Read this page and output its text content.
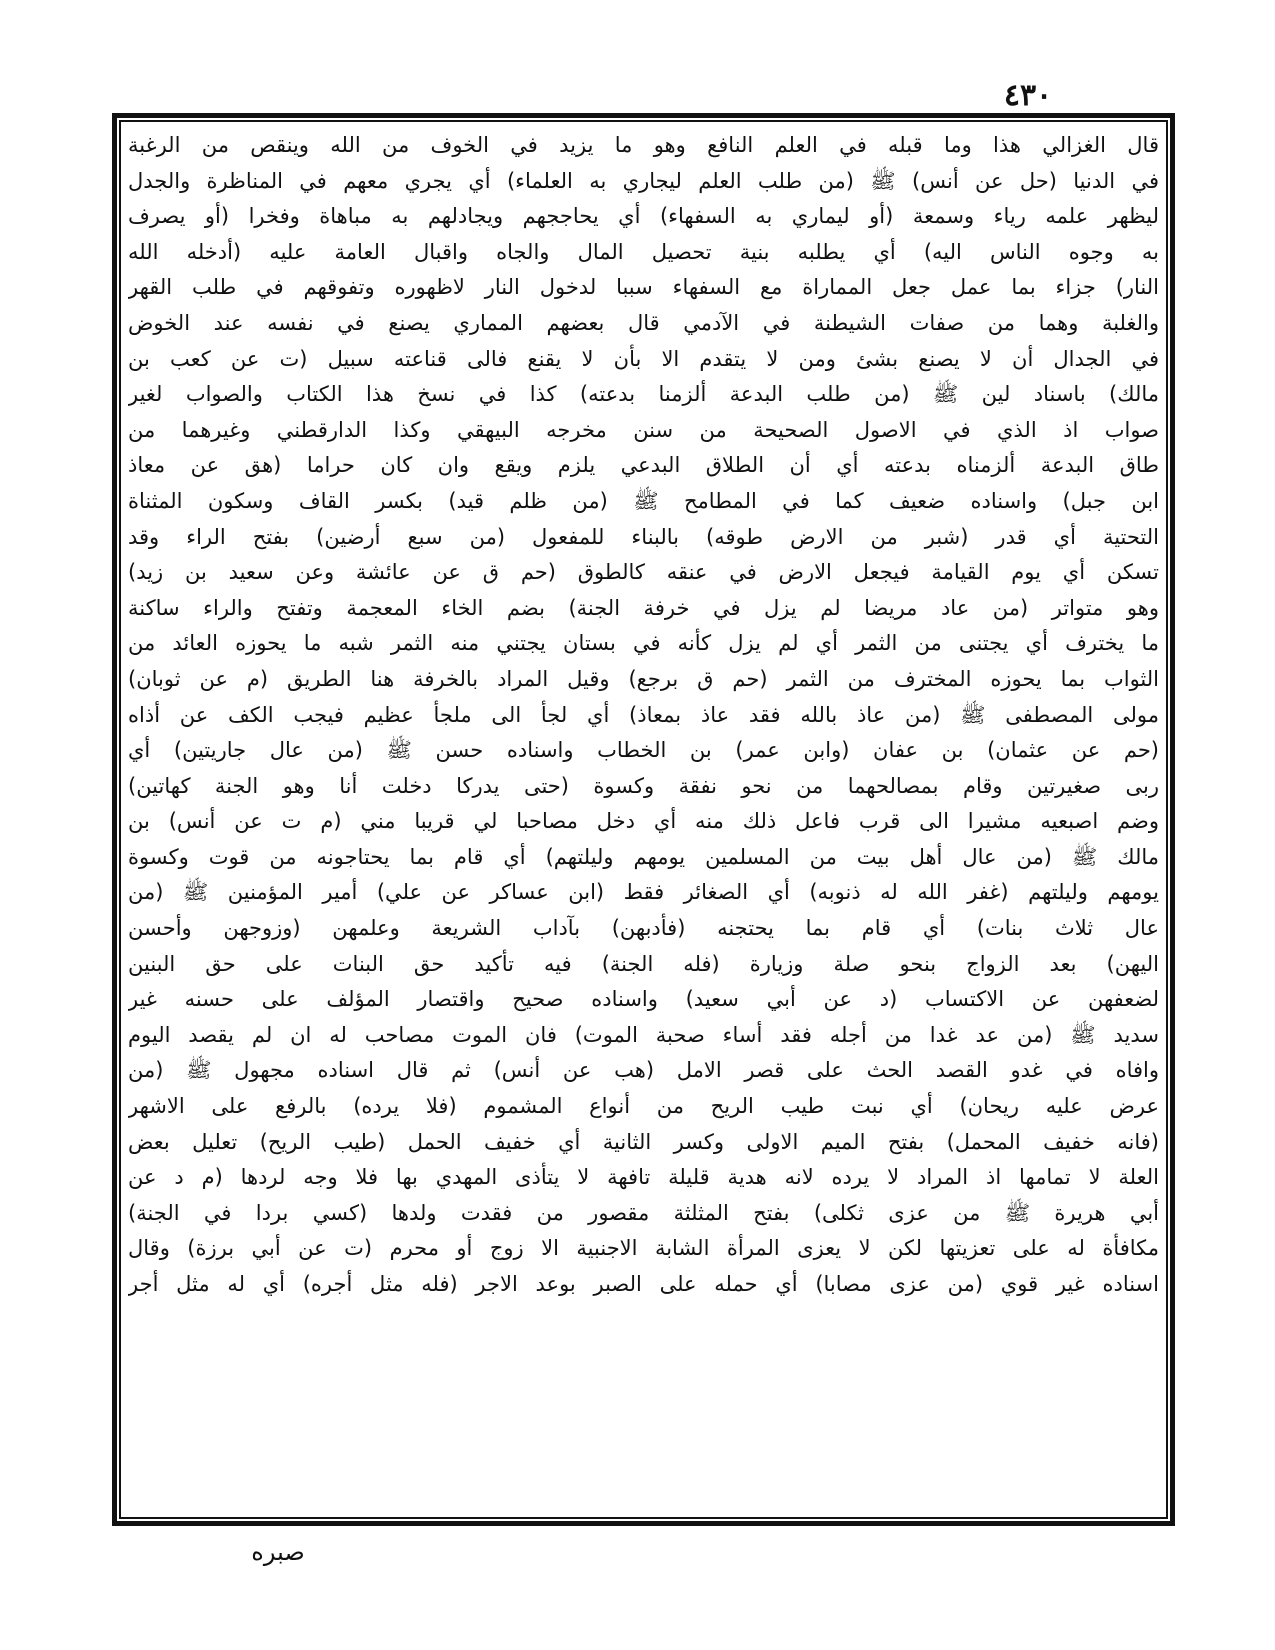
٤٣٠
قال الغزالي هذا وما قبله في العلم النافع وهو ما يزيد في الخوف من الله وينقص من الرغبة
في الدنيا (حل عن أنس) ﷺ (من طلب العلم ليجاري به العلماء) أي يجري معهم في المناظرة والجدل
ليظهر علمه رياء وسمعة (أو ليماري به السفهاء) أي يحاججهم ويجادلهم به مباهاة وفخرا (أو يصرف
به وجوه الناس اليه) أي يطلبه بنية تحصيل المال والجاه واقبال العامة عليه (أدخله الله
النار) جزاء بما عمل جعل المماراة مع السفهاء سببا لدخول النار لاظهوره وتفوقهم في طلب القهر
والغلبة وهما من صفات الشيطنة في الآدمي قال بعضهم المماري يصنع في نفسه عند الخوض
في الجدال أن لا يصنع بشئ ومن لا يتقدم الا بأن لا يقنع فالى قناعته سبيل (ت عن كعب بن
مالك) باسناد لين ﷺ (من طلب البدعة ألزمنا بدعته) كذا في نسخ هذا الكتاب والصواب لغير
صواب اذ الذي في الاصول الصحيحة من سنن مخرجه البيهقي وكذا الدارقطني وغيرهما من
طاق البدعة ألزمناه بدعته أي أن الطلاق البدعي يلزم ويقع وان كان حراما (هق عن معاذ
ابن جبل) واسناده ضعيف كما في المطامح ﷺ (من ظلم قيد) بكسر القاف وسكون المثناة
التحتية أي قدر (شبر من الارض طوقه) بالبناء للمفعول (من سبع أرضين) بفتح الراء وقد
تسكن أي يوم القيامة فيجعل الارض في عنقه كالطوق (حم ق عن عائشة وعن سعيد بن زيد)
وهو متواتر (من عاد مريضا لم يزل في خرفة الجنة) بضم الخاء المعجمة وتفتح والراء ساكنة
ما يخترف أي يجتنى من الثمر أي لم يزل كأنه في بستان يجتني منه الثمر شبه ما يحوزه العائد من
الثواب بما يحوزه المخترف من الثمر (حم ق برجع) وقيل المراد بالخرفة هنا الطريق (م عن ثوبان)
مولى المصطفى ﷺ (من عاذ بالله فقد عاذ بمعاذ) أي لجأ الى ملجأ عظيم فيجب الكف عن أذاه
(حم عن عثمان) بن عفان (وابن عمر) بن الخطاب واسناده حسن ﷺ (من عال جاريتين) أي
ربى صغيرتين وقام بمصالحهما من نحو نفقة وكسوة (حتى يدركا دخلت أنا وهو الجنة كهاتين)
وضم اصبعيه مشيرا الى قرب فاعل ذلك منه أي دخل مصاحبا لي قريبا مني (م ت عن أنس) بن
مالك ﷺ (من عال أهل بيت من المسلمين يومهم وليلتهم) أي قام بما يحتاجونه من قوت وكسوة
يومهم وليلتهم (غفر الله له ذنوبه) أي الصغائر فقط (ابن عساكر عن علي) أمير المؤمنين ﷺ (من
عال ثلاث بنات) أي قام بما يحتجنه (فأدبهن) بآداب الشريعة وعلمهن (وزوجهن وأحسن
اليهن) بعد الزواج بنحو صلة وزيارة (فله الجنة) فيه تأكيد حق البنات على حق البنين
لضعفهن عن الاكتساب (د عن أبي سعيد) واسناده صحيح واقتصار المؤلف على حسنه غير
سديد ﷺ (من عد غدا من أجله فقد أساء صحبة الموت) فان الموت مصاحب له ان لم يقصد اليوم
وافاه في غدو القصد الحث على قصر الامل (هب عن أنس) ثم قال اسناده مجهول ﷺ (من
عرض عليه ريحان) أي نبت طيب الريح من أنواع المشموم (فلا يرده) بالرفع على الاشهر
(فانه خفيف المحمل) بفتح الميم الاولى وكسر الثانية أي خفيف الحمل (طيب الريح) تعليل بعض
العلة لا تمامها اذ المراد لا يرده لانه هدية قليلة تافهة لا يتأذى المهدي بها فلا وجه لردها (م د عن
أبي هريرة ﷺ من عزى ثكلى) بفتح المثلثة مقصور من فقدت ولدها (كسي بردا في الجنة)
مكافأة له على تعزيتها لكن لا يعزى المرأة الشابة الاجنبية الا زوج أو محرم (ت عن أبي برزة) وقال
اسناده غير قوي (من عزى مصابا) أي حمله على الصبر بوعد الاجر (فله مثل أجره) أي له مثل أجر
صبره
